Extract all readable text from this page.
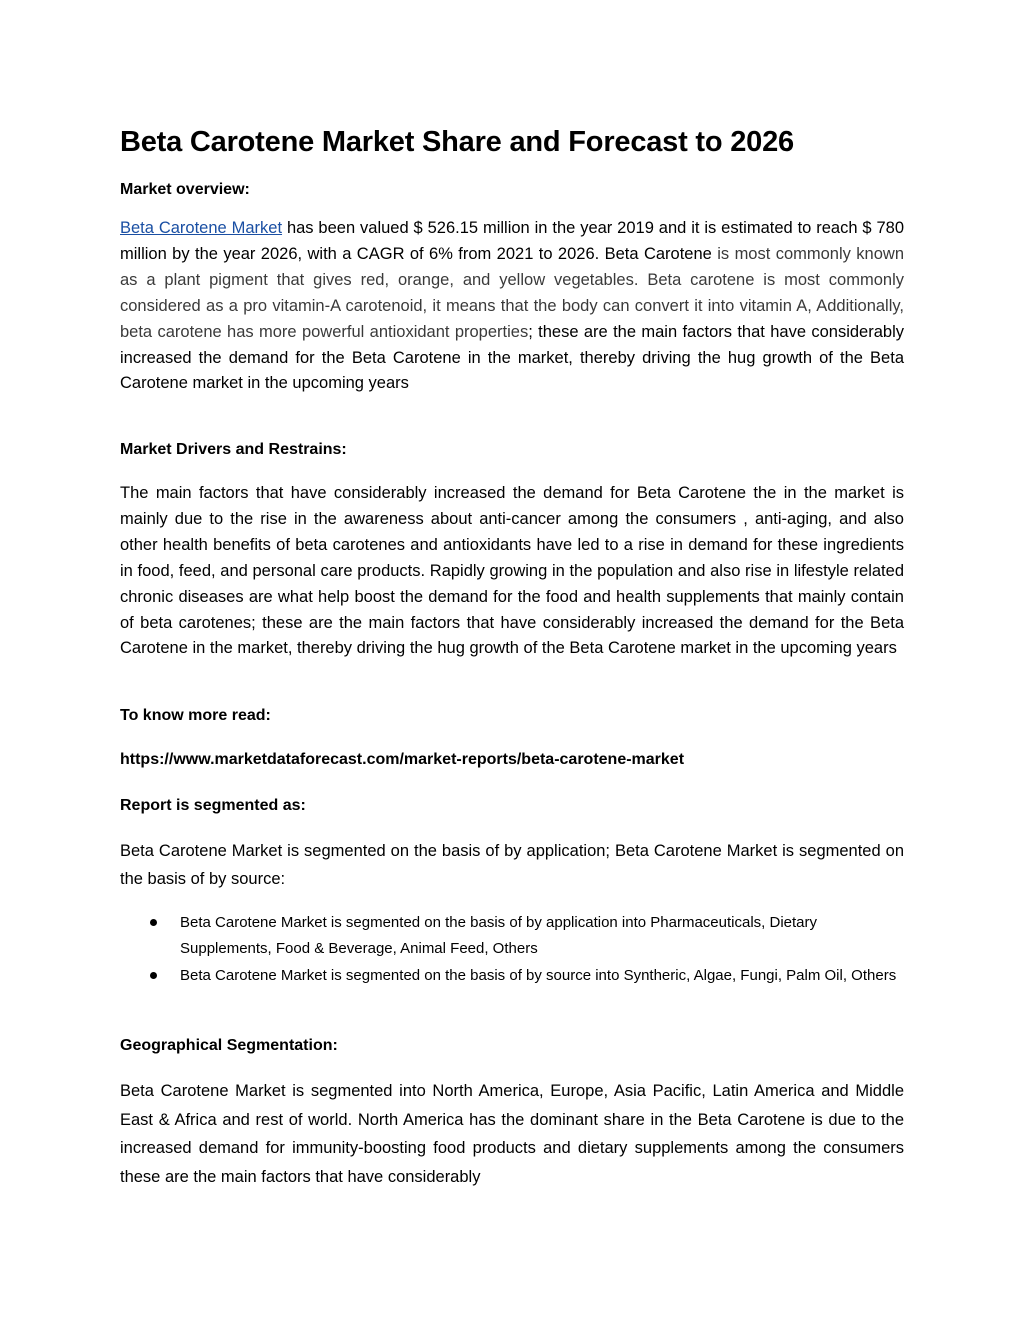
Beta Carotene Market Share and Forecast to 2026
Market overview:

Beta Carotene Market has been valued $ 526.15 million in the year 2019 and it is estimated to reach $ 780 million by the year 2026, with a CAGR of 6% from 2021 to 2026. Beta Carotene is most commonly known as a plant pigment that gives red, orange, and yellow vegetables. Beta carotene is most commonly considered as a pro vitamin-A carotenoid, it means that the body can convert it into vitamin A, Additionally, beta carotene has more powerful antioxidant properties; these are the main factors that have considerably increased the demand for the Beta Carotene in the market, thereby driving the hug growth of the Beta Carotene market in the upcoming years

Market Drivers and Restrains:

The main factors that have considerably increased the demand for Beta Carotene the in the market is mainly due to the rise in the awareness about anti-cancer among the consumers , anti-aging, and also other health benefits of beta carotenes and antioxidants have led to a rise in demand for these ingredients in food, feed, and personal care products. Rapidly growing in the population and also rise in lifestyle related chronic diseases are what help boost the demand for the food and health supplements that mainly contain of beta carotenes; these are the main factors that have considerably increased the demand for the Beta Carotene in the market, thereby driving the hug growth of the Beta Carotene market in the upcoming years

To know more read:
https://www.marketdataforecast.com/market-reports/beta-carotene-market
Report is segmented as:

Beta Carotene Market is segmented on the basis of by application; Beta Carotene Market is segmented on the basis of by source:

Beta Carotene Market is segmented on the basis of by application into Pharmaceuticals, Dietary Supplements, Food & Beverage, Animal Feed, Others
Beta Carotene Market is segmented on the basis of by source into Syntheric, Algae, Fungi, Palm Oil, Others
Geographical Segmentation:

Beta Carotene Market is segmented into North America, Europe, Asia Pacific, Latin America and Middle East & Africa and rest of world. North America has the dominant share in the Beta Carotene is due to the increased demand for immunity-boosting food products and dietary supplements among the consumers these are the main factors that have considerably
